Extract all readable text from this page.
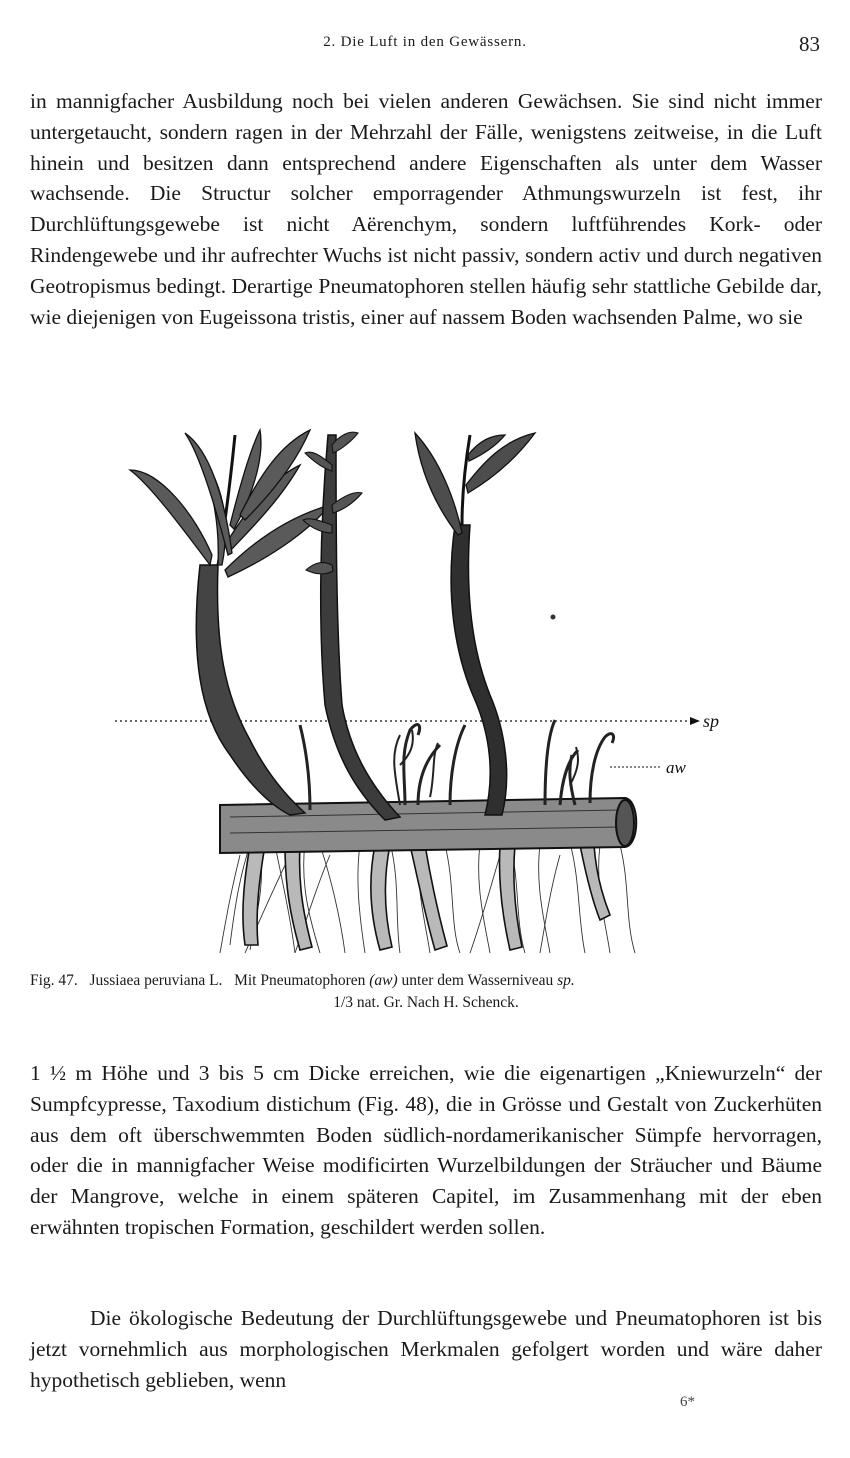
2. Die Luft in den Gewässern.	83

in mannigfacher Ausbildung noch bei vielen anderen Gewächsen. Sie sind nicht immer untergetaucht, sondern ragen in der Mehrzahl der Fälle, wenigstens zeitweise, in die Luft hinein und besitzen dann entsprechend andere Eigenschaften als unter dem Wasser wachsende. Die Structur solcher emporragender Athmungswurzeln ist fest, ihr Durchlüftungsgewebe ist nicht Aërenchym, sondern luftführendes Kork- oder Rindengewebe und ihr aufrechter Wuchs ist nicht passiv, sondern activ und durch negativen Geotropismus bedingt. Derartige Pneumatophoren stellen häufig sehr stattliche Gebilde dar, wie diejenigen von Eugeissona tristis, einer auf nassem Boden wachsenden Palme, wo sie

sp
aw

Fig. 47. Jussiaea peruviana L. Mit Pneumatophoren (aw) unter dem Wasserniveau sp.
1/3 nat. Gr. Nach H. Schenck.

1 ½ m Höhe und 3 bis 5 cm Dicke erreichen, wie die eigenartigen „Kniewurzeln“ der Sumpfcypresse, Taxodium distichum (Fig. 48), die in Grösse und Gestalt von Zuckerhüten aus dem oft überschwemmten Boden südlich-nordamerikanischer Sümpfe hervorragen, oder die in mannigfacher Weise modificirten Wurzelbildungen der Sträucher und Bäume der Mangrove, welche in einem späteren Capitel, im Zusammenhang mit der eben erwähnten tropischen Formation, geschildert werden sollen.

Die ökologische Bedeutung der Durchlüftungsgewebe und Pneumatophoren ist bis jetzt vornehmlich aus morphologischen Merkmalen gefolgert worden und wäre daher hypothetisch geblieben, wenn

6*
